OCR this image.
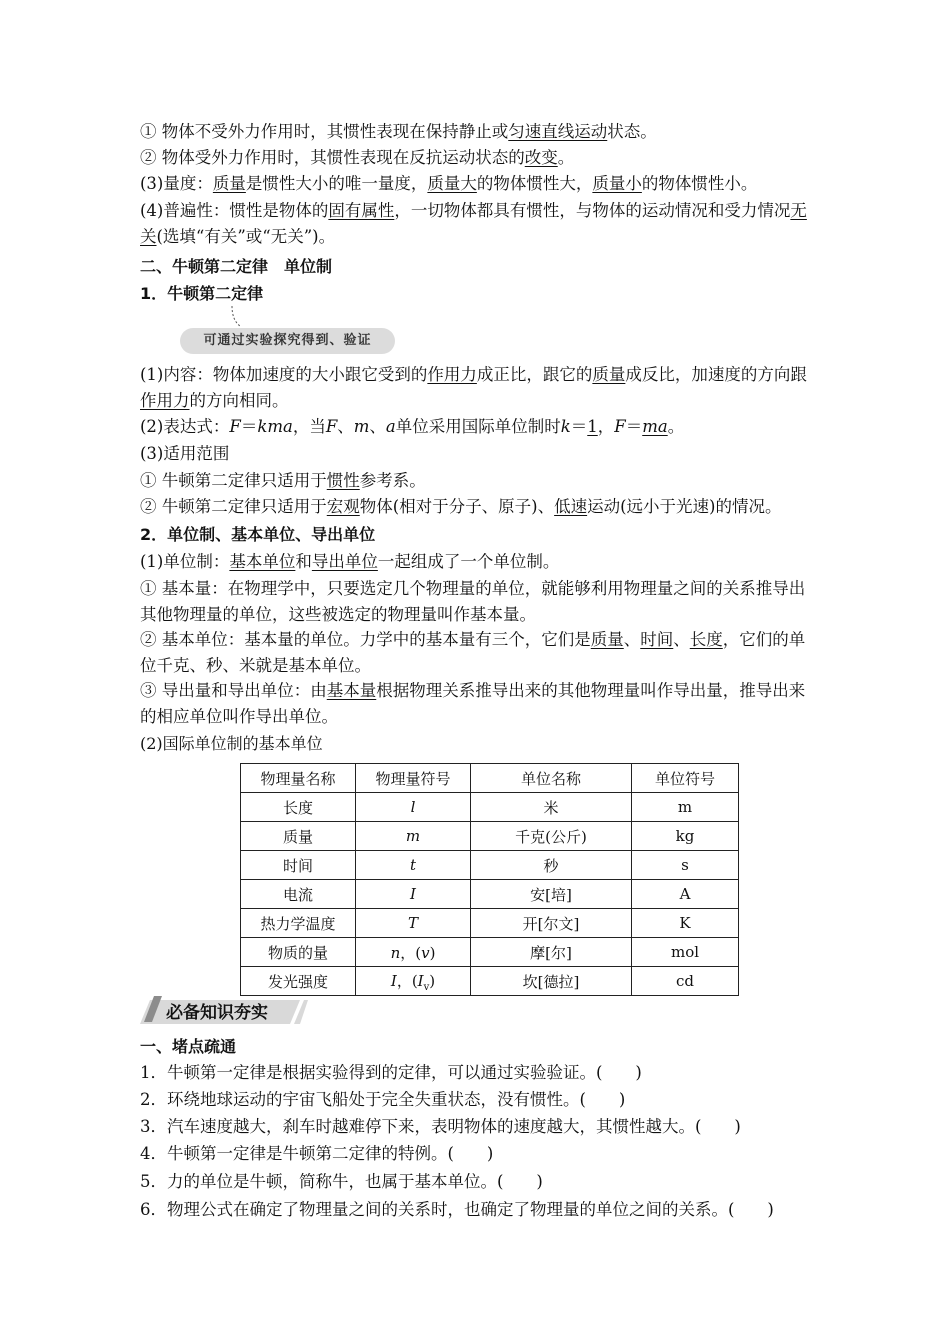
① 物体不受外力作用时，其惯性表现在保持静止或匀速直线运动状态。
② 物体受外力作用时，其惯性表现在反抗运动状态的改变。
(3)量度：质量是惯性大小的唯一量度，质量大的物体惯性大，质量小的物体惯性小。
(4)普遍性：惯性是物体的固有属性，一切物体都具有惯性，与物体的运动情况和受力情况无关(选填“有关”或“无关”)。
二、牛顿第二定律　单位制
1．牛顿第二定律
可通过实验探究得到、验证
(1)内容：物体加速度的大小跟它受到的作用力成正比，跟它的质量成反比，加速度的方向跟作用力的方向相同。
(2)表达式：F＝kma，当F、m、a单位采用国际单位制时k＝1，F＝ma。
(3)适用范围
① 牛顿第二定律只适用于惯性参考系。
② 牛顿第二定律只适用于宏观物体(相对于分子、原子)、低速运动(远小于光速)的情况。
2．单位制、基本单位、导出单位
(1)单位制：基本单位和导出单位一起组成了一个单位制。
① 基本量：在物理学中，只要选定几个物理量的单位，就能够利用物理量之间的关系推导出其他物理量的单位，这些被选定的物理量叫作基本量。
② 基本单位：基本量的单位。力学中的基本量有三个，它们是质量、时间、长度，它们的单位千克、秒、米就是基本单位。
③ 导出量和导出单位：由基本量根据物理关系推导出来的其他物理量叫作导出量，推导出来的相应单位叫作导出单位。
(2)国际单位制的基本单位
物理量名称	物理量符号	单位名称	单位符号
长度	l	米	m
质量	m	千克(公斤)	kg
时间	t	秒	s
电流	I	安[培]	A
热力学温度	T	开[尔文]	K
物质的量	n，(v)	摩[尔]	mol
发光强度	I，$(I_v)$	坎[德拉]	cd
必备知识夯实
一、堵点疏通
1．牛顿第一定律是根据实验得到的定律，可以通过实验验证。(　　)
2．环绕地球运动的宇宙飞船处于完全失重状态，没有惯性。(　　)
3．汽车速度越大，刹车时越难停下来，表明物体的速度越大，其惯性越大。(　　)
4．牛顿第一定律是牛顿第二定律的特例。(　　)
5．力的单位是牛顿，简称牛，也属于基本单位。(　　)
6．物理公式在确定了物理量之间的关系时，也确定了物理量的单位之间的关系。(　　)
